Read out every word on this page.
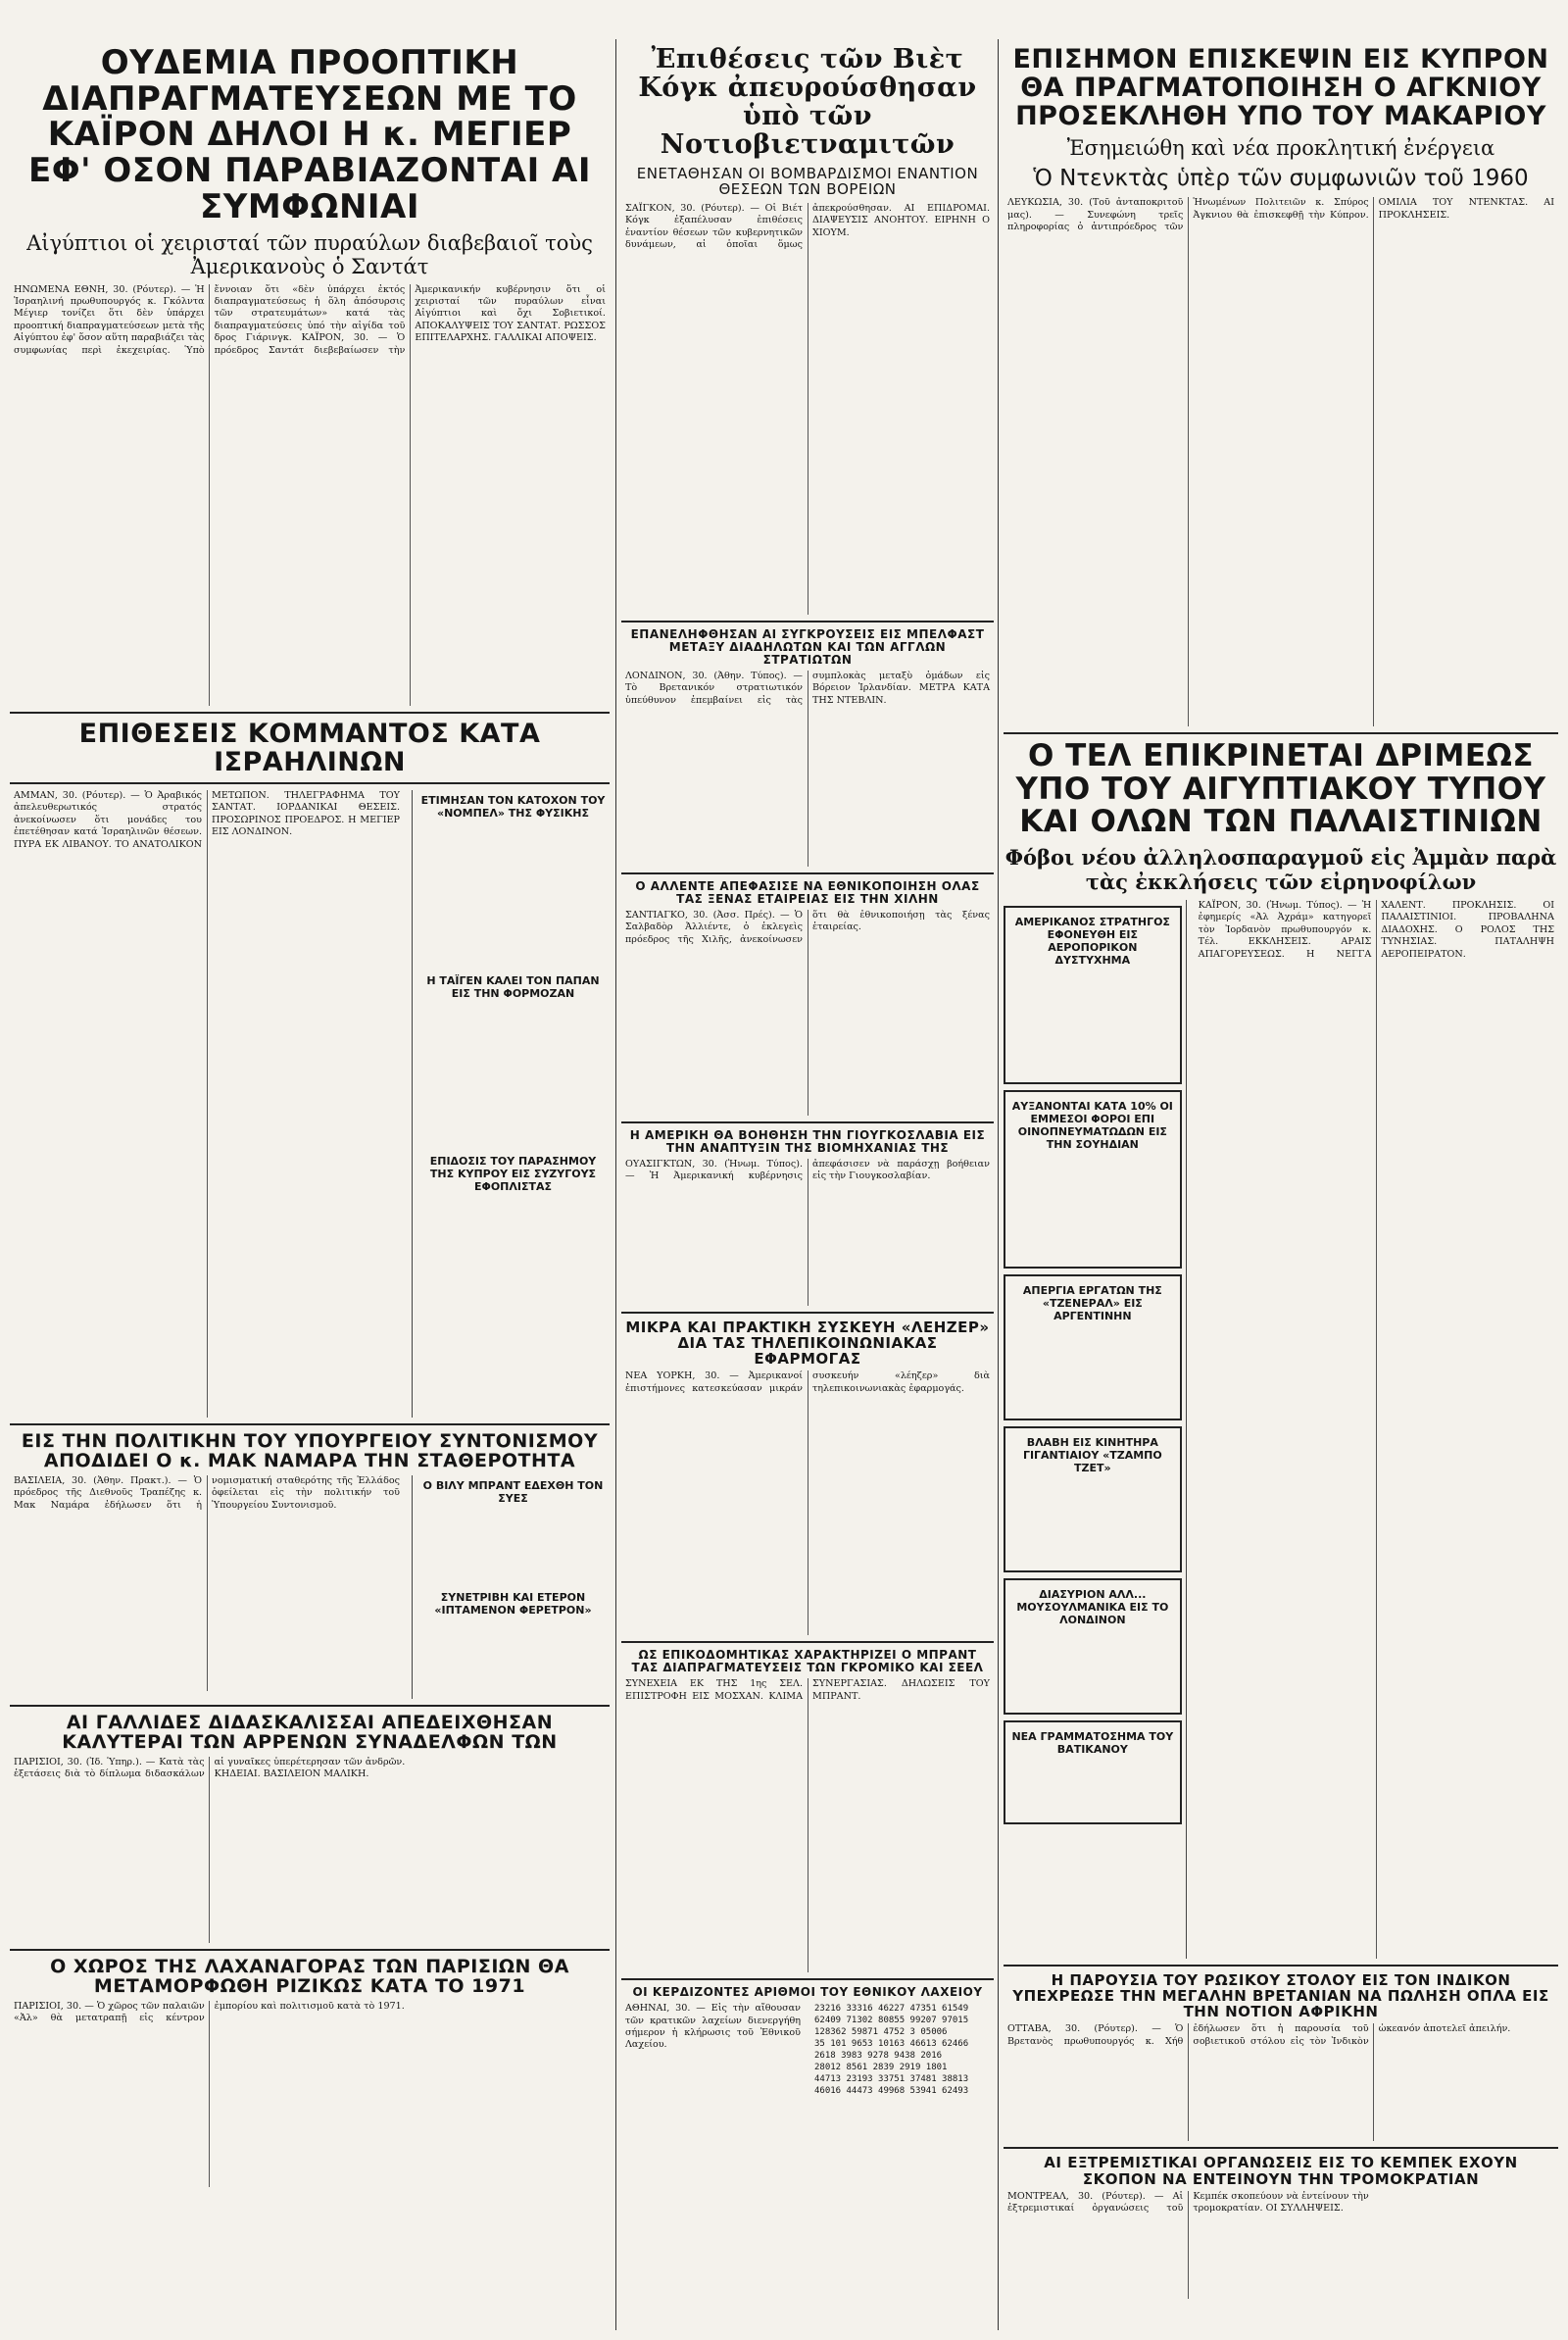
ΟΥΔΕΜΙΑ ΠΡΟΟΠΤΙΚΗ ΔΙΑΠΡΑΓΜΑΤΕΥΣΕΩΝ ΜΕ ΤΟ ΚΑΪΡΟΝ ΔΗΛΟΙ Η κ. ΜΕΓΙΕΡ ΕΦ' ΟΣΟΝ ΠΑΡΑΒΙΑΖΟΝΤΑΙ ΑΙ ΣΥΜΦΩΝΙΑΙ
Αἰγύπτιοι οἱ χειρισταί τῶν πυραύλων διαβεβαιοῖ τοὺς Ἀμερικανοὺς ὁ Σαντάτ
ΗΝΩΜΕΝΑ ΕΘΝΗ, 30. (Ρόυτερ). — Ἡ Ἰσραηλινή πρωθυπουργός κ. Γκόλντα Μέγιερ τονίζει ὅτι δὲν ὑπάρχει προοπτική διαπραγματεύσεων μετὰ τῆς Αἰγύπτου ἐφ' ὅσον αὕτη παραβιάζει τὰς συμφωνίας περὶ ἐκεχειρίας. Ὑπὸ ἔννοιαν ὅτι «δὲν ὑπάρχει ἐκτός διαπραγματεύσεως ἡ ὅλη ἀπόσυρσις τῶν στρατευμάτων» κατά τὰς διαπραγματεύσεις ὑπό τὴν αἰγίδα τοῦ δρος Γιάρινγκ. ΚΑΪΡΟΝ, 30. — Ὁ πρόεδρος Σαντάτ διεβεβαίωσεν τὴν Ἀμερικανικήν κυβέρνησιν ὅτι οἱ χειρισταί τῶν πυραύλων εἶναι Αἰγύπτιοι καὶ ὄχι Σοβιετικοί. ΑΠΟΚΑΛΥΨΕΙΣ ΤΟΥ ΣΑΝΤΑΤ. ΡΩΣΣΟΣ ΕΠΙΤΕΛΑΡΧΗΣ. ΓΑΛΛΙΚΑΙ ΑΠΟΨΕΙΣ.
ΕΠΙΘΕΣΕΙΣ ΚΟΜΜΑΝΤΟΣ ΚΑΤΑ ΙΣΡΑΗΛΙΝΩΝ
ΑΜΜΑΝ, 30. (Ρόυτερ). — Ὁ Ἀραβικός ἀπελευθερωτικός στρατός ἀνεκοίνωσεν ὅτι μονάδες του ἐπετέθησαν κατά Ἰσραηλινῶν θέσεων. ΠΥΡΑ ΕΚ ΛΙΒΑΝΟΥ. ΤΟ ΑΝΑΤΟΛΙΚΟΝ ΜΕΤΩΠΟΝ. ΤΗΛΕΓΡΑΦΗΜΑ ΤΟΥ ΣΑΝΤΑΤ. ΙΟΡΔΑΝΙΚΑΙ ΘΕΣΕΙΣ. ΠΡΟΣΩΡΙΝΟΣ ΠΡΟΕΔΡΟΣ. Η ΜΕΓΙΕΡ ΕΙΣ ΛΟΝΔΙΝΟΝ.
ΕΤΙΜΗΣΑΝ ΤΟΝ ΚΑΤΟΧΟΝ ΤΟΥ «ΝΟΜΠΕΛ» ΤΗΣ ΦΥΣΙΚΗΣ
Η ΤΑΪΓΕΝ ΚΑΛΕΙ ΤΟΝ ΠΑΠΑΝ ΕΙΣ ΤΗΝ ΦΟΡΜΟΖΑΝ
ΕΠΙΔΟΣΙΣ ΤΟΥ ΠΑΡΑΣΗΜΟΥ ΤΗΣ ΚΥΠΡΟΥ ΕΙΣ ΣΥΖΥΓΟΥΣ ΕΦΟΠΛΙΣΤΑΣ
ΕΙΣ ΤΗΝ ΠΟΛΙΤΙΚΗΝ ΤΟΥ ΥΠΟΥΡΓΕΙΟΥ ΣΥΝΤΟΝΙΣΜΟΥ ΑΠΟΔΙΔΕΙ Ο κ. ΜΑΚ ΝΑΜΑΡΑ ΤΗΝ ΣΤΑΘΕΡΟΤΗΤΑ
ΒΑΣΙΛΕΙΑ, 30. (Ἀθην. Πρακτ.). — Ὁ πρόεδρος τῆς Διεθνοῦς Τραπέζης κ. Μακ Ναμάρα ἐδήλωσεν ὅτι ἡ νομισματική σταθερότης τῆς Ἑλλάδος ὀφείλεται εἰς τὴν πολιτικήν τοῦ Ὑπουργείου Συντονισμοῦ.
Ο ΒΙΛΥ ΜΠΡΑΝΤ ΕΔΕΧΘΗ ΤΟΝ ΣΥΕΣ
ΣΥΝΕΤΡΙΒΗ ΚΑΙ ΕΤΕΡΟΝ «ΙΠΤΑΜΕΝΟΝ ΦΕΡΕΤΡΟΝ»
ΑΙ ΓΑΛΛΙΔΕΣ ΔΙΔΑΣΚΑΛΙΣΣΑΙ ΑΠΕΔΕΙΧΘΗΣΑΝ ΚΑΛΥΤΕΡΑΙ ΤΩΝ ΑΡΡΕΝΩΝ ΣΥΝΑΔΕΛΦΩΝ ΤΩΝ
ΠΑΡΙΣΙΟΙ, 30. (Ἰδ. Ὑπηρ.). — Κατὰ τὰς ἐξετάσεις διὰ τὸ δίπλωμα διδασκάλων αἱ γυναῖκες ὑπερέτερησαν τῶν ἀνδρῶν. ΚΗΔΕΙΑΙ. ΒΑΣΙΛΕΙΟΝ ΜΑΛΙΚΗ.
Ο ΧΩΡΟΣ ΤΗΣ ΛΑΧΑΝΑΓΟΡΑΣ ΤΩΝ ΠΑΡΙΣΙΩΝ ΘΑ ΜΕΤΑΜΟΡΦΩΘΗ ΡΙΖΙΚΩΣ ΚΑΤΑ ΤΟ 1971
ΠΑΡΙΣΙΟΙ, 30. — Ὁ χῶρος τῶν παλαιῶν «Ἀλ» θὰ μετατραπῇ εἰς κέντρον ἐμπορίου καὶ πολιτισμοῦ κατὰ τὸ 1971.
Ἐπιθέσεις τῶν Βιὲτ Κόγκ ἀπευρούσθησαν ὑπὸ τῶν Νοτιοβιετναμιτῶν
ΕΝΕΤΑΘΗΣΑΝ ΟΙ ΒΟΜΒΑΡΔΙΣΜΟΙ ΕΝΑΝΤΙΟΝ ΘΕΣΕΩΝ ΤΩΝ ΒΟΡΕΙΩΝ
ΣΑΪΓΚΟΝ, 30. (Ρόυτερ). — Οἱ Βιέτ Κόγκ ἐξαπέλυσαν ἐπιθέσεις ἐναντίον θέσεων τῶν κυβερνητικῶν δυνάμεων, αἱ ὁποῖαι ὅμως ἀπεκρούσθησαν. ΑΙ ΕΠΙΔΡΟΜΑΙ. ΔΙΑΨΕΥΣΙΣ ΑΝΟΗΤΟΥ. ΕΙΡΗΝΗ Ο ΧΙΟΥΜ.
ΕΠΑΝΕΛΗΦΘΗΣΑΝ ΑΙ ΣΥΓΚΡΟΥΣΕΙΣ ΕΙΣ ΜΠΕΛΦΑΣΤ ΜΕΤΑΞΥ ΔΙΑΔΗΛΩΤΩΝ ΚΑΙ ΤΩΝ ΑΓΓΛΩΝ ΣΤΡΑΤΙΩΤΩΝ
ΛΟΝΔΙΝΟΝ, 30. (Ἀθην. Τύπος). — Τὸ Βρετανικόν στρατιωτικόν ὑπεύθυνον ἐπεμβαίνει εἰς τὰς συμπλοκὰς μεταξὺ ὁμάδων εἰς Βόρειον Ἰρλανδίαν. ΜΕΤΡΑ ΚΑΤΑ ΤΗΣ ΝΤΕΒΛΙΝ.
Ο ΑΛΛΕΝΤΕ ΑΠΕΦΑΣΙΣΕ ΝΑ ΕΘΝΙΚΟΠΟΙΗΣΗ ΟΛΑΣ ΤΑΣ ΞΕΝΑΣ ΕΤΑΙΡΕΙΑΣ ΕΙΣ ΤΗΝ ΧΙΛΗΝ
ΣΑΝΤΙΑΓΚΟ, 30. (Ἀσσ. Πρές). — Ὁ Σαλβαδὸρ Ἀλλιέντε, ὁ ἐκλεγεὶς πρόεδρος τῆς Χιλῆς, ἀνεκοίνωσεν ὅτι θὰ ἐθνικοποιήσῃ τὰς ξένας ἑταιρείας.
Η ΑΜΕΡΙΚΗ ΘΑ ΒΟΗΘΗΣΗ ΤΗΝ ΓΙΟΥΓΚΟΣΛΑΒΙΑ ΕΙΣ ΤΗΝ ΑΝΑΠΤΥΞΙΝ ΤΗΣ ΒΙΟΜΗΧΑΝΙΑΣ ΤΗΣ
ΟΥΑΣΙΓΚΤΩΝ, 30. (Ἡνωμ. Τύπος). — Ἡ Ἀμερικανική κυβέρνησις ἀπεφάσισεν νὰ παράσχῃ βοήθειαν εἰς τὴν Γιουγκοσλαβίαν.
ΜΙΚΡΑ ΚΑΙ ΠΡΑΚΤΙΚΗ ΣΥΣΚΕΥΗ «ΛΕΗΖΕΡ» ΔΙΑ ΤΑΣ ΤΗΛΕΠΙΚΟΙΝΩΝΙΑΚΑΣ ΕΦΑΡΜΟΓΑΣ
ΝΕΑ ΥΟΡΚΗ, 30. — Ἀμερικανοί ἐπιστήμονες κατεσκεύασαν μικράν συσκευήν «λέηζερ» διὰ τηλεπικοινωνιακὰς ἐφαρμογάς.
ΩΣ ΕΠΙΚΟΔΟΜΗΤΙΚΑΣ ΧΑΡΑΚΤΗΡΙΖΕΙ Ο ΜΠΡΑΝΤ ΤΑΣ ΔΙΑΠΡΑΓΜΑΤΕΥΣΕΙΣ ΤΩΝ ΓΚΡΟΜΙΚΟ ΚΑΙ ΣΕΕΛ
ΣΥΝΕΧΕΙΑ ΕΚ ΤΗΣ 1ης ΣΕΛ. ΕΠΙΣΤΡΟΦΗ ΕΙΣ ΜΟΣΧΑΝ. ΚΛΙΜΑ ΣΥΝΕΡΓΑΣΙΑΣ. ΔΗΛΩΣΕΙΣ ΤΟΥ ΜΠΡΑΝΤ.
ΟΙ ΚΕΡΔΙΖΟΝΤΕΣ ΑΡΙΘΜΟΙ ΤΟΥ ΕΘΝΙΚΟΥ ΛΑΧΕΙΟΥ
ΑΘΗΝΑΙ, 30. — Εἰς τὴν αἴθουσαν τῶν κρατικῶν λαχείων διενεργήθη σήμερον ἡ κλήρωσις τοῦ Ἐθνικοῦ Λαχείου.
23216 33316 46227 47351 61549
62409 71302 80855 99207 97015
128362 59871 4752 3 05006
35 101 9653 10163 46613 62466
2618 3983 9278 9438 2016
28012 8561 2839 2919 1801
44713 23193 33751 37481 38813
46016 44473 49968 53941 62493

ΕΠΙΣΗΜΟΝ ΕΠΙΣΚΕΨΙΝ ΕΙΣ ΚΥΠΡΟΝ ΘΑ ΠΡΑΓΜΑΤΟΠΟΙΗΣΗ Ο ΑΓΚΝΙΟΥ ΠΡΟΣΕΚΛΗΘΗ ΥΠΟ ΤΟΥ ΜΑΚΑΡΙΟΥ
Ἐσημειώθη καὶ νέα προκλητική ἐνέργεια
Ὁ Ντενκτὰς ὑπὲρ τῶν συμφωνιῶν τοῦ 1960
ΛΕΥΚΩΣΙΑ, 30. (Τοῦ ἀνταποκριτοῦ μας). — Συνεφώνη τρεῖς πληροφορίας ὁ ἀντιπρόεδρος τῶν Ἡνωμένων Πολιτειῶν κ. Σπύρος Ἀγκνιου θὰ ἐπισκεφθῇ τὴν Κύπρον. ΟΜΙΛΙΑ ΤΟΥ ΝΤΕΝΚΤΑΣ. ΑΙ ΠΡΟΚΛΗΣΕΙΣ.
Ο ΤΕΛ ΕΠΙΚΡΙΝΕΤΑΙ ΔΡΙΜΕΩΣ ΥΠΟ ΤΟΥ ΑΙΓΥΠΤΙΑΚΟΥ ΤΥΠΟΥ ΚΑΙ ΟΛΩΝ ΤΩΝ ΠΑΛΑΙΣΤΙΝΙΩΝ
Φόβοι νέου ἀλληλοσπαραγμοῦ εἰς Ἀμμὰν παρὰ τὰς ἐκκλήσεις τῶν εἰρηνοφίλων
ΑΜΕΡΙΚΑΝΟΣ ΣΤΡΑΤΗΓΟΣ ΕΦΟΝΕΥΘΗ ΕΙΣ ΑΕΡΟΠΟΡΙΚΟΝ ΔΥΣΤΥΧΗΜΑ
ΑΥΞΑΝΟΝΤΑΙ ΚΑΤΑ 10% ΟΙ ΕΜΜΕΣΟΙ ΦΟΡΟΙ ΕΠΙ ΟΙΝΟΠΝΕΥΜΑΤΩΔΩΝ ΕΙΣ ΤΗΝ ΣΟΥΗΔΙΑΝ
ΑΠΕΡΓΙΑ ΕΡΓΑΤΩΝ ΤΗΣ «ΤΖΕΝΕΡΑΛ» ΕΙΣ ΑΡΓΕΝΤΙΝΗΝ
ΒΛΑΒΗ ΕΙΣ ΚΙΝΗΤΗΡΑ ΓΙΓΑΝΤΙΑΙΟΥ «ΤΖΑΜΠΟ ΤΖΕΤ»
ΔΙΑΣΥΡΙΟΝ ΑΛΛ... ΜΟΥΣΟΥΛΜΑΝΙΚΑ ΕΙΣ ΤΟ ΛΟΝΔΙΝΟΝ
ΝΕΑ ΓΡΑΜΜΑΤΟΣΗΜΑ ΤΟΥ ΒΑΤΙΚΑΝΟΥ
ΚΑΪΡΟΝ, 30. (Ἡνωμ. Τύπος). — Ἡ ἐφημερίς «Ἀλ Ἀχράμ» κατηγορεῖ τὸν Ἰορδανὸν πρωθυπουργόν κ. Τέλ. ΕΚΚΛΗΣΕΙΣ. ΑΡΑΙΣ ΑΠΑΓΟΡΕΥΣΕΩΣ. Η ΝΕΓΓΑ ΧΑΛΕΝΤ. ΠΡΟΚΛΗΣΙΣ. ΟΙ ΠΑΛΑΙΣΤΙΝΙΟΙ. ΠΡΟΒΑΛΗΝΑ ΔΙΑΔΟΧΗΣ. Ο ΡΟΛΟΣ ΤΗΣ ΤΥΝΗΣΙΑΣ. ΠΑΤΑΛΗΨΗ ΑΕΡΟΠΕΙΡΑΤΟΝ.
Η ΠΑΡΟΥΣΙΑ ΤΟΥ ΡΩΣΙΚΟΥ ΣΤΟΛΟΥ ΕΙΣ ΤΟΝ ΙΝΔΙΚΟΝ ΥΠΕΧΡΕΩΣΕ ΤΗΝ ΜΕΓΑΛΗΝ ΒΡΕΤΑΝΙΑΝ ΝΑ ΠΩΛΗΣΗ ΟΠΛΑ ΕΙΣ ΤΗΝ ΝΟΤΙΟΝ ΑΦΡΙΚΗΝ
ΟΤΤΑΒΑ, 30. (Ρόυτερ). — Ὁ Βρετανὸς πρωθυπουργός κ. Χήθ ἐδήλωσεν ὅτι ἡ παρουσία τοῦ σοβιετικοῦ στόλου εἰς τὸν Ἰνδικὸν ὠκεανόν ἀποτελεῖ ἀπειλήν.
ΑΙ ΕΞΤΡΕΜΙΣΤΙΚΑΙ ΟΡΓΑΝΩΣΕΙΣ ΕΙΣ ΤΟ ΚΕΜΠΕΚ ΕΧΟΥΝ ΣΚΟΠΟΝ ΝΑ ΕΝΤΕΙΝΟΥΝ ΤΗΝ ΤΡΟΜΟΚΡΑΤΙΑΝ
ΜΟΝΤΡΕΑΛ, 30. (Ρόυτερ). — Αἱ ἐξτρεμιστικαί ὀργανώσεις τοῦ Κεμπέκ σκοπεύουν νὰ ἐντείνουν τὴν τρομοκρατίαν. ΟΙ ΣΥΛΛΗΨΕΙΣ.
